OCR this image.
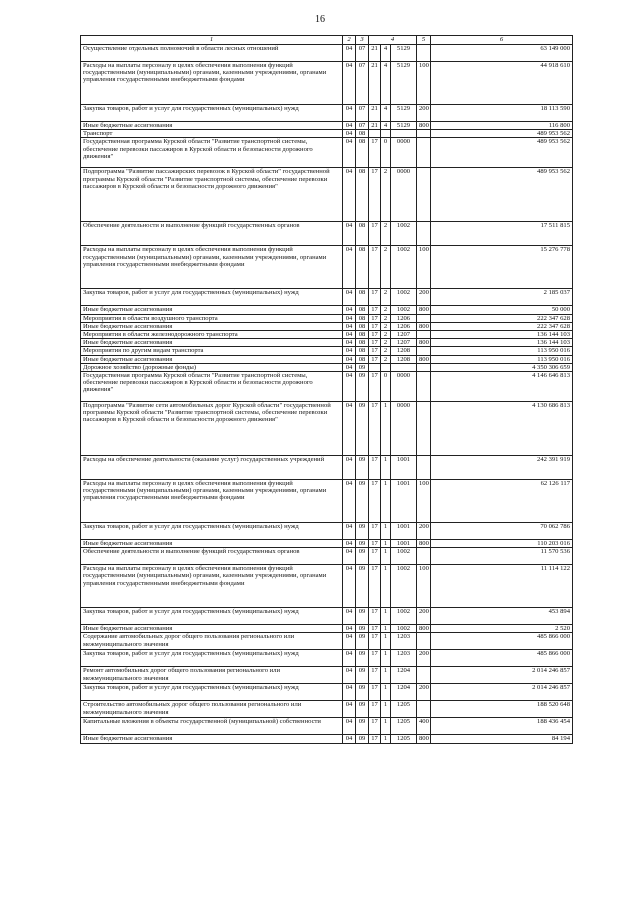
16
1	2	3	4			5	6
Осуществление отдельных полномочий в области лесных отношений	04	07	21	4	5129		63 149 000
Расходы на выплаты персоналу в целях обеспечения выполнения функций государственными (муниципальными) органами, казенными учреждениями, органами управления государственными внебюджетными фондами	04	07	21	4	5129	100	44 918 610
Закупка товаров, работ и услуг для государственных (муниципальных) нужд	04	07	21	4	5129	200	18 113 590
Иные бюджетные ассигнования	04	07	21	4	5129	800	116 800
Транспорт	04	08					489 953 562
Государственная программа Курской области "Развитие транспортной системы, обеспечение перевозки пассажиров в Курской области и безопасности дорожного движения"	04	08	17	0	0000		489 953 562
Подпрограмма "Развитие пассажирских перевозок в Курской области" государственной программы Курской области "Развитие транспортной системы, обеспечение перевозки пассажиров в Курской области и безопасности дорожного движения"	04	08	17	2	0000		489 953 562
Обеспечение деятельности и выполнение функций государственных органов	04	08	17	2	1002		17 511 815
Расходы на выплаты персоналу в целях обеспечения выполнения функций государственными (муниципальными) органами, казенными учреждениями, органами управления государственными внебюджетными фондами	04	08	17	2	1002	100	15 276 778
Закупка товаров, работ и услуг для государственных (муниципальных) нужд	04	08	17	2	1002	200	2 185 037
Иные бюджетные ассигнования	04	08	17	2	1002	800	50 000
Мероприятия в области воздушного транспорта	04	08	17	2	1206		222 347 628
Иные бюджетные ассигнования	04	08	17	2	1206	800	222 347 628
Мероприятия в области железнодорожного транспорта	04	08	17	2	1207		136 144 103
Иные бюджетные ассигнования	04	08	17	2	1207	800	136 144 103
Мероприятия по другим видам транспорта	04	08	17	2	1208		113 950 016
Иные бюджетные ассигнования	04	08	17	2	1208	800	113 950 016
Дорожное хозяйство (дорожные фонды)	04	09					4 350 306 659
Государственная программа Курской области "Развитие транспортной системы, обеспечение перевозки пассажиров в Курской области и безопасности дорожного движения"	04	09	17	0	0000		4 146 646 813
Подпрограмма "Развитие сети автомобильных дорог Курской области" государственной программы Курской области "Развитие транспортной системы, обеспечение перевозки пассажиров в Курской области и безопасности дорожного движения"	04	09	17	1	0000		4 130 686 813
Расходы на обеспечение деятельности (оказание услуг) государственных учреждений	04	09	17	1	1001		242 391 919
Расходы на выплаты персоналу в целях обеспечения выполнения функций государственными (муниципальными) органами, казенными учреждениями, органами управления государственными внебюджетными фондами	04	09	17	1	1001	100	62 126 117
Закупка товаров, работ и услуг для государственных (муниципальных) нужд	04	09	17	1	1001	200	70 062 786
Иные бюджетные ассигнования	04	09	17	1	1001	800	110 203 016
Обеспечение деятельности и выполнение функций государственных органов	04	09	17	1	1002		11 570 536
Расходы на выплаты персоналу в целях обеспечения выполнения функций государственными (муниципальными) органами, казенными учреждениями, органами управления государственными внебюджетными фондами	04	09	17	1	1002	100	11 114 122
Закупка товаров, работ и услуг для государственных (муниципальных) нужд	04	09	17	1	1002	200	453 894
Иные бюджетные ассигнования	04	09	17	1	1002	800	2 520
Содержание автомобильных дорог общего пользования регионального или межмуниципального значения	04	09	17	1	1203		485 866 000
Закупка товаров, работ и услуг для государственных (муниципальных) нужд	04	09	17	1	1203	200	485 866 000
Ремонт автомобильных дорог общего пользования регионального или межмуниципального значения	04	09	17	1	1204		2 014 246 857
Закупка товаров, работ и услуг для государственных (муниципальных) нужд	04	09	17	1	1204	200	2 014 246 857
Строительство автомобильных дорог общего пользования регионального или межмуниципального значения	04	09	17	1	1205		188 520 648
Капитальные вложения в объекты государственной (муниципальной) собственности	04	09	17	1	1205	400	188 436 454
Иные бюджетные ассигнования	04	09	17	1	1205	800	84 194
